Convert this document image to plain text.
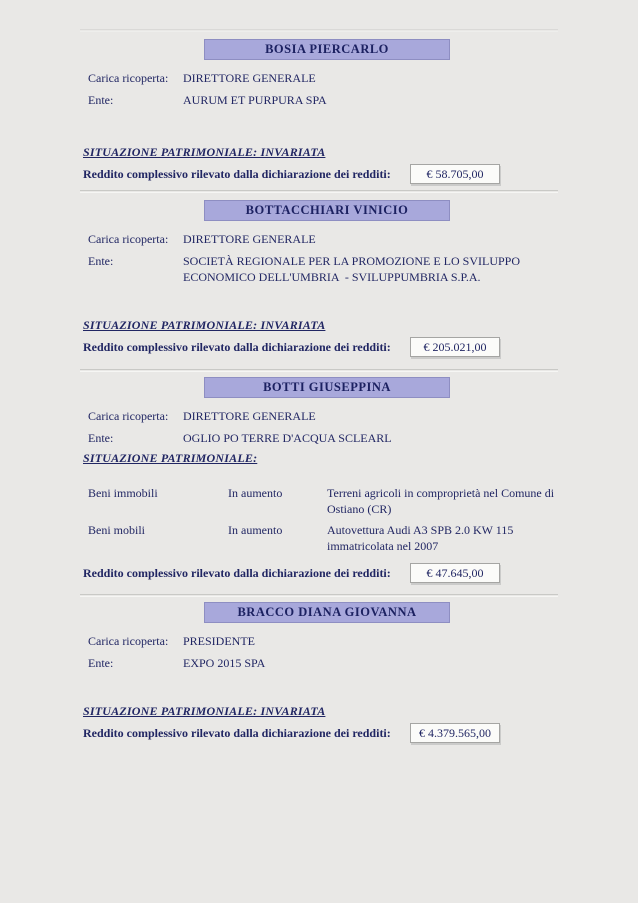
BOSIA PIERCARLO
Carica ricoperta:	DIRETTORE GENERALE
Ente:	AURUM ET PURPURA SPA
SITUAZIONE PATRIMONIALE: INVARIATA
Reddito complessivo rilevato dalla dichiarazione dei redditi:	€ 58.705,00
BOTTACCHIARI VINICIO
Carica ricoperta:	DIRETTORE GENERALE
Ente:	SOCIETÀ REGIONALE PER LA PROMOZIONE E LO SVILUPPO ECONOMICO DELL'UMBRIA  - SVILUPPUMBRIA S.P.A.
SITUAZIONE PATRIMONIALE: INVARIATA
Reddito complessivo rilevato dalla dichiarazione dei redditi:	€ 205.021,00
BOTTI GIUSEPPINA
Carica ricoperta:	DIRETTORE GENERALE
Ente:	OGLIO PO TERRE D'ACQUA SCLEARL
SITUAZIONE PATRIMONIALE:
Beni immobili	In aumento	Terreni agricoli in comproprietà nel Comune di Ostiano (CR)
Beni mobili	In aumento	Autovettura Audi A3 SPB 2.0 KW 115 immatricolata nel 2007
Reddito complessivo rilevato dalla dichiarazione dei redditi:	€ 47.645,00
BRACCO DIANA GIOVANNA
Carica ricoperta:	PRESIDENTE
Ente:	EXPO 2015 SPA
SITUAZIONE PATRIMONIALE: INVARIATA
Reddito complessivo rilevato dalla dichiarazione dei redditi:	€ 4.379.565,00
